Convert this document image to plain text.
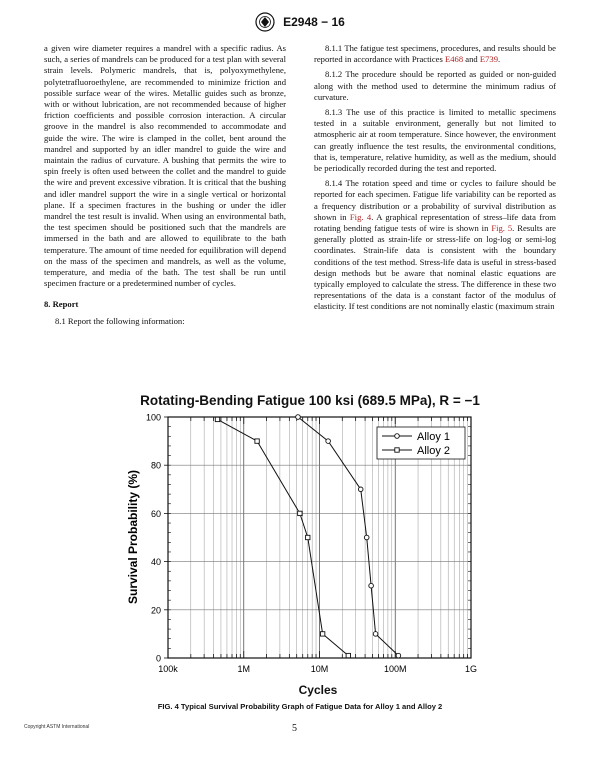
E2948 − 16

a given wire diameter requires a mandrel with a specific radius. As such, a series of mandrels can be produced for a test plan with several strain levels. Polymeric mandrels, that is, polyoxymethylene, polytetrafluoroethylene, are recommended to minimize friction and possible surface wear of the wires. Metallic guides such as bronze, with or without lubrication, are not recommended because of higher friction coefficients and possible corrosion interaction. A circular groove in the mandrel is also recommended to accommodate and guide the wire. The wire is clamped in the collet, bent around the mandrel and supported by an idler mandrel to guide the wire and maintain the radius of curvature. A bushing that permits the wire to spin freely is often used between the collet and the mandrel to guide the wire and prevent excessive vibration. It is critical that the bushing and idler mandrel support the wire in a single vertical or horizontal plane. If a specimen fractures in the bushing or under the idler mandrel the test result is invalid. When using an environmental bath, the test specimen should be positioned such that the mandrels are immersed in the bath and are allowed to equilibrate to the bath temperature. The amount of time needed for equilibration will depend on the mass of the specimen and mandrels, as well as the volume, temperature, and media of the bath. The test shall be run until specimen fracture or a predetermined number of cycles.

8. Report

8.1 Report the following information:

8.1.1 The fatigue test specimens, procedures, and results should be reported in accordance with Practices E468 and E739.

8.1.2 The procedure should be reported as guided or non-guided along with the method used to determine the minimum radius of curvature.

8.1.3 The use of this practice is limited to metallic specimens tested in a suitable environment, generally but not limited to atmospheric air at room temperature. Since however, the environment can greatly influence the test results, the environmental conditions, that is, temperature, relative humidity, as well as the medium, should be periodically recorded during the test and reported.

8.1.4 The rotation speed and time or cycles to failure should be reported for each specimen. Fatigue life variability can be reported as a frequency distribution or a probability of survival distribution as shown in Fig. 4. A graphical representation of stress–life data from rotating bending fatigue tests of wire is shown in Fig. 5. Results are generally plotted as strain-life or stress-life on log-log or semi-log coordinates. Strain-life data is consistent with the boundary conditions of the test method. Stress-life data is useful in stress-based design methods but be aware that nominal elastic equations are typically employed to calculate the stress. The difference in these two representations of the data is a constant factor of the modulus of elasticity. If test conditions are not nominally elastic (maximum strain

Rotating-Bending Fatigue 100 ksi (689.5 MPa), R = −1
0
20
40
60
80
100
100k	1M	10M	100M	1G
Alloy 1
Alloy 2
Survival Probability (%)
Cycles
FIG. 4 Typical Survival Probability Graph of Fatigue Data for Alloy 1 and Alloy 2
Copyright ASTM International	5
